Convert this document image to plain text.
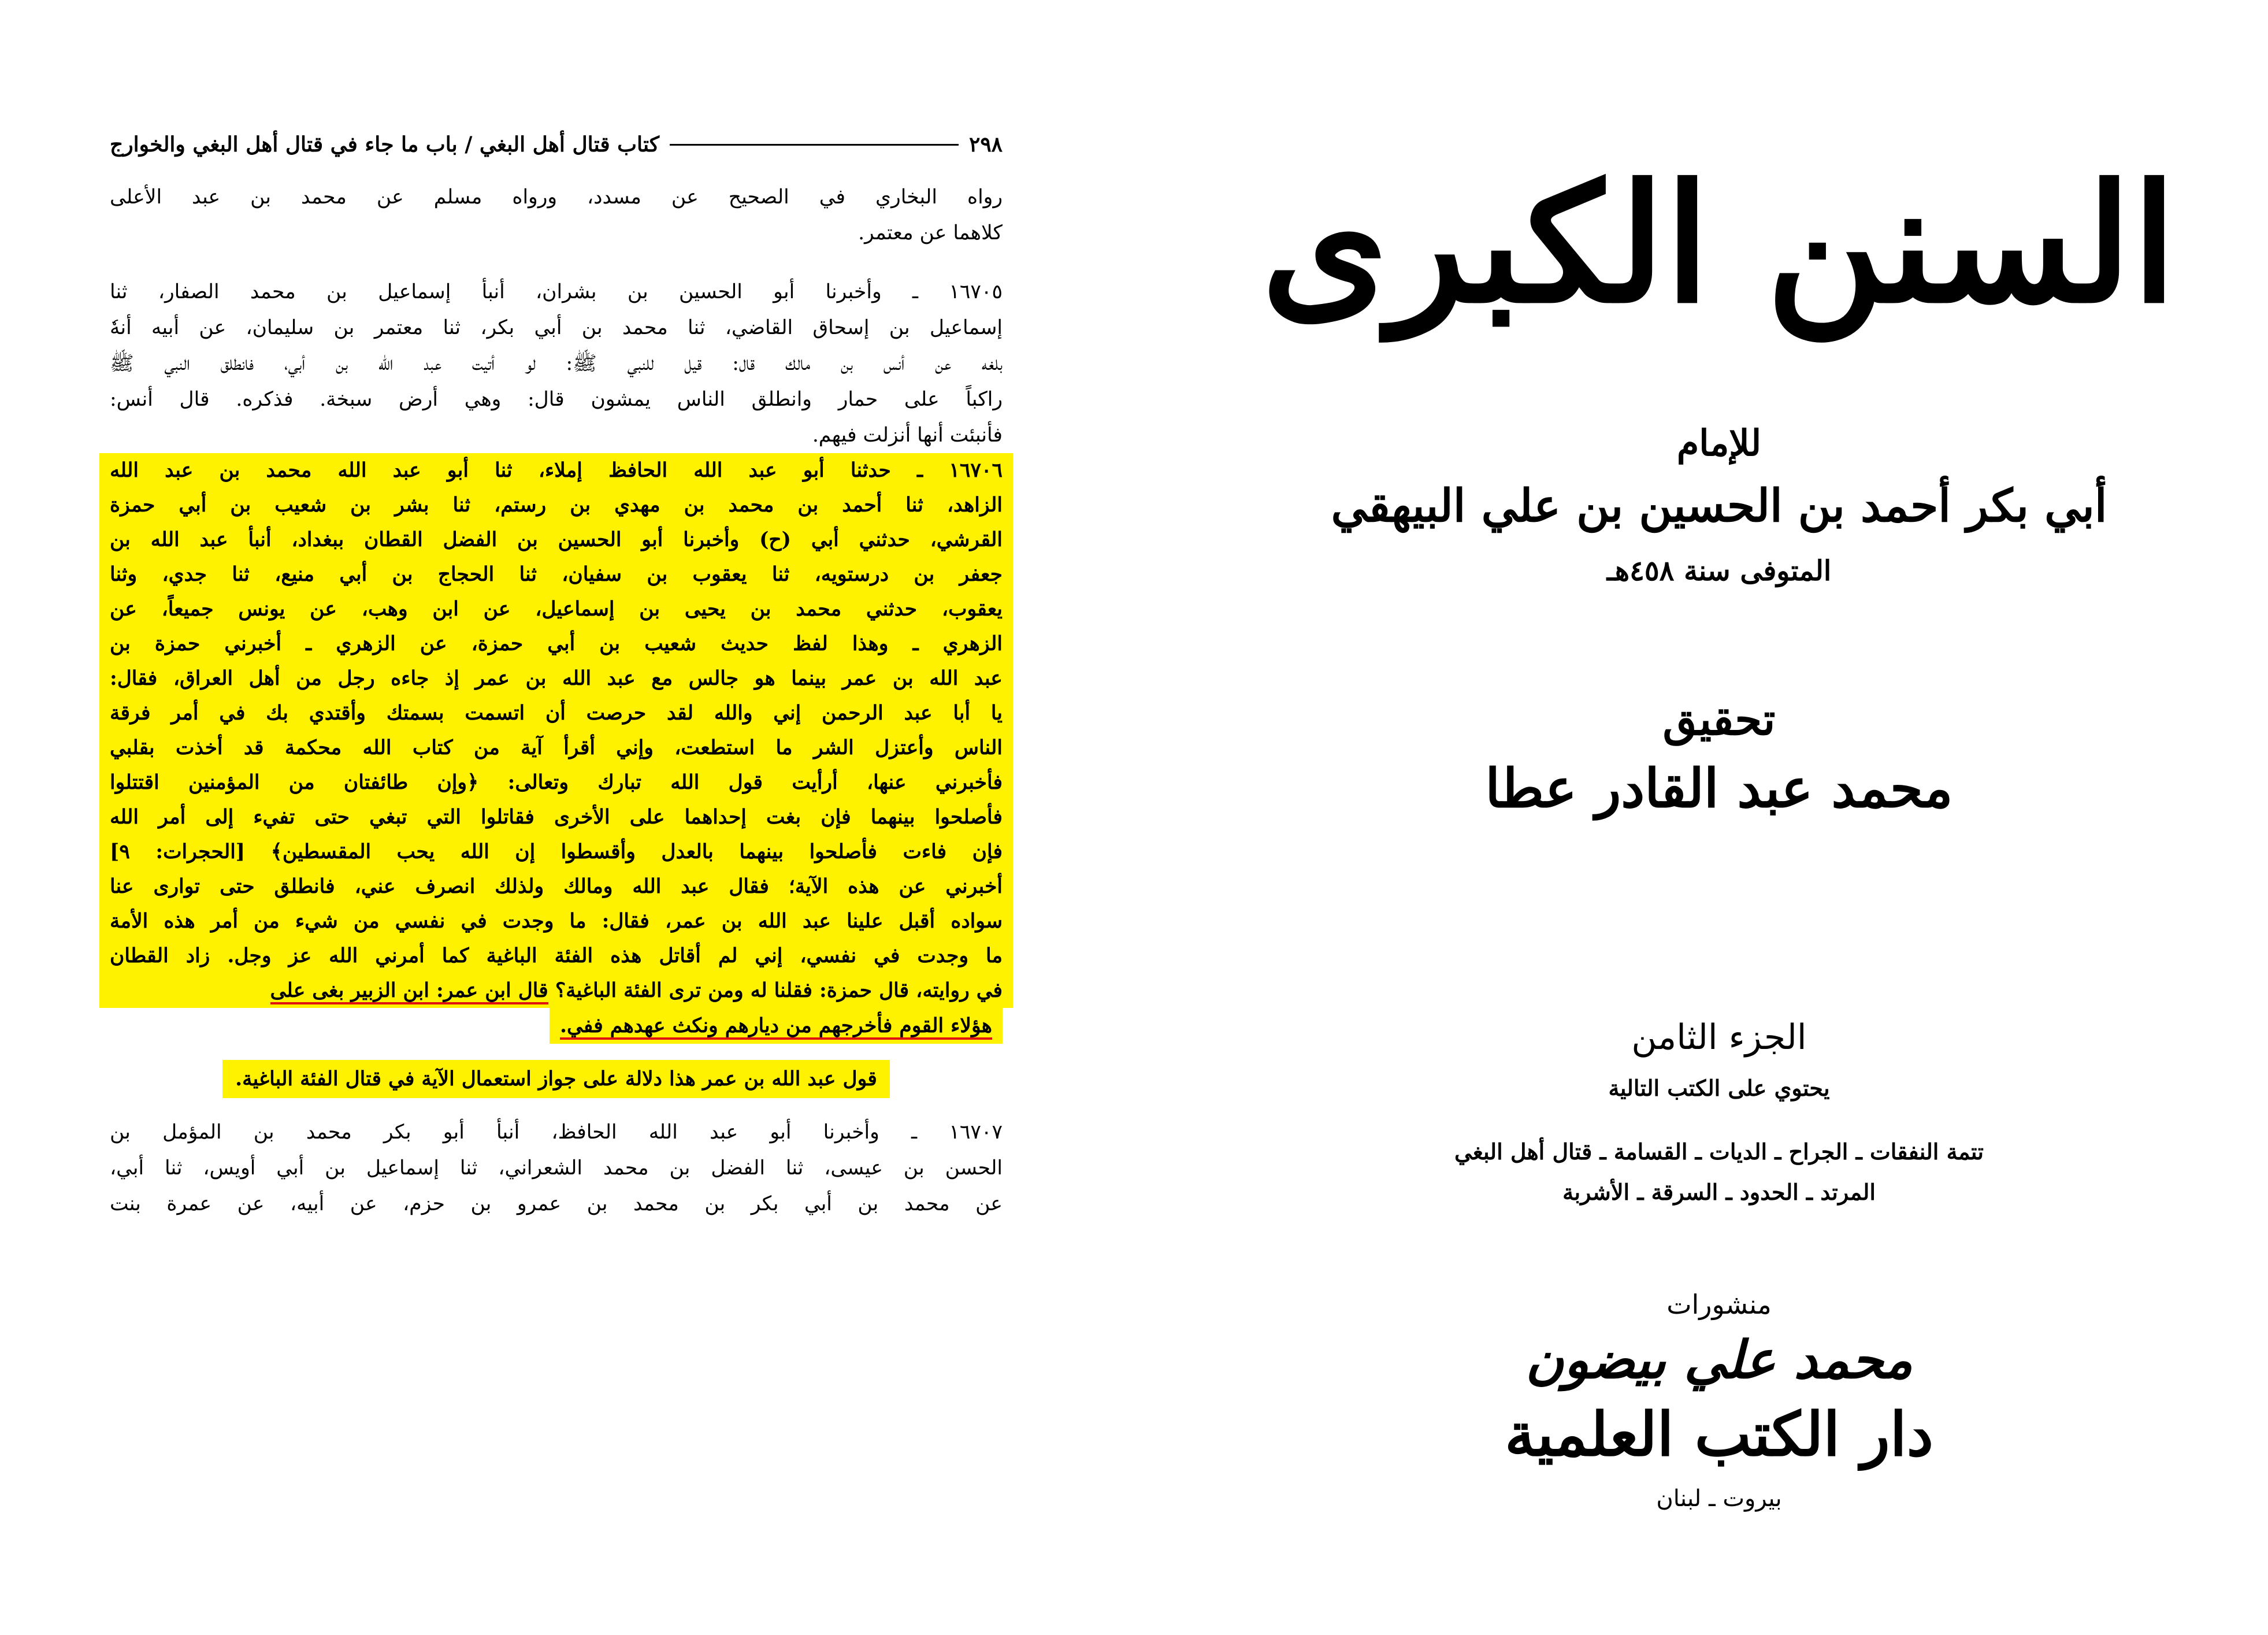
٢٩٨
كتاب قتال أهل البغي / باب ما جاء في قتال أهل البغي والخوارج

رواه البخاري في الصحيح عن مسدد، ورواه مسلم عن محمد بن عبد الأعلى

كلاهما عن معتمر.

١٦٧٠٥ ـ وأخبرنا أبو الحسين بن بشران، أنبأ إسماعيل بن محمد الصفار، ثنا

إسماعيل بن إسحاق القاضي، ثنا محمد بن أبي بكر، ثنا معتمر بن سليمان، عن أبيه أنهٗ

بلغه عن أنس بن مالك قال: قيل للنبي ﷺ: لو أتيت عبد الله بن أبي، فانطلق النبي ﷺ

راكباً على حمار وانطلق الناس يمشون قال: وهي أرض سبخة. فذكره. قال أنس:

فأنبئت أنها أنزلت فيهم.

١٦٧٠٦ ـ حدثنا أبو عبد الله الحافظ إملاء، ثنا أبو عبد الله محمد بن عبد الله

الزاهد، ثنا أحمد بن محمد بن مهدي بن رستم، ثنا بشر بن شعيب بن أبي حمزة

القرشي، حدثني أبي (ح) وأخبرنا أبو الحسين بن الفضل القطان ببغداد، أنبأ عبد الله بن

جعفر بن درستويه، ثنا يعقوب بن سفيان، ثنا الحجاج بن أبي منيع، ثنا جدي، وثنا

يعقوب، حدثني محمد بن يحيى بن إسماعيل، عن ابن وهب، عن يونس جميعاً، عن

الزهري ـ وهذا لفظ حديث شعيب بن أبي حمزة، عن الزهري ـ أخبرني حمزة بن

عبد الله بن عمر بينما هو جالس مع عبد الله بن عمر إذ جاءه رجل من أهل العراق، فقال:

يا أبا عبد الرحمن إني والله لقد حرصت أن اتسمت بسمتك وأقتدي بك في أمر فرقة

الناس وأعتزل الشر ما استطعت، وإني أقرأ آية من كتاب الله محكمة قد أخذت بقلبي

فأخبرني عنها، أرأيت قول الله تبارك وتعالى: ﴿وإن طائفتان من المؤمنين اقتتلوا

فأصلحوا بينهما فإن بغت إحداهما على الأخرى فقاتلوا التي تبغي حتى تفيء إلى أمر الله

فإن فاءت فأصلحوا بينهما بالعدل وأقسطوا إن الله يحب المقسطين﴾ [الحجرات: ٩]

أخبرني عن هذه الآية؛ فقال عبد الله ومالك ولذلك انصرف عني، فانطلق حتى توارى عنا

سواده أقبل علينا عبد الله بن عمر، فقال: ما وجدت في نفسي من شيء من أمر هذه الأمة

ما وجدت في نفسي، إني لم أقاتل هذه الفئة الباغية كما أمرني الله عز وجل. زاد القطان

في روايته، قال حمزة: فقلنا له ومن ترى الفئة الباغية؟ قال ابن عمر: ابن الزبير بغى على

هؤلاء القوم فأخرجهم من ديارهم ونكث عهدهم ففي.

قول عبد الله بن عمر هذا دلالة على جواز استعمال الآية في قتال الفئة الباغية.

١٦٧٠٧ ـ وأخبرنا أبو عبد الله الحافظ، أنبأ أبو بكر محمد بن المؤمل بن

الحسن بن عيسى، ثنا الفضل بن محمد الشعراني، ثنا إسماعيل بن أبي أويس، ثنا أبي،

عن محمد بن أبي بكر بن محمد بن عمرو بن حزم، عن أبيه، عن عمرة بنت

السنن الكبرى
للإمام
أبي بكر أحمد بن الحسين بن علي البيهقي
المتوفى سنة ٤٥٨هـ
تحقيق
محمد عبد القادر عطا
الجزء الثامن
يحتوي على الكتب التالية
تتمة النفقات ـ الجراح ـ الديات ـ القسامة ـ قتال أهل البغي
المرتد ـ الحدود ـ السرقة ـ الأشربة
منشورات
محمد علي بيضون
دار الكتب العلمية
بيروت ـ لبنان
